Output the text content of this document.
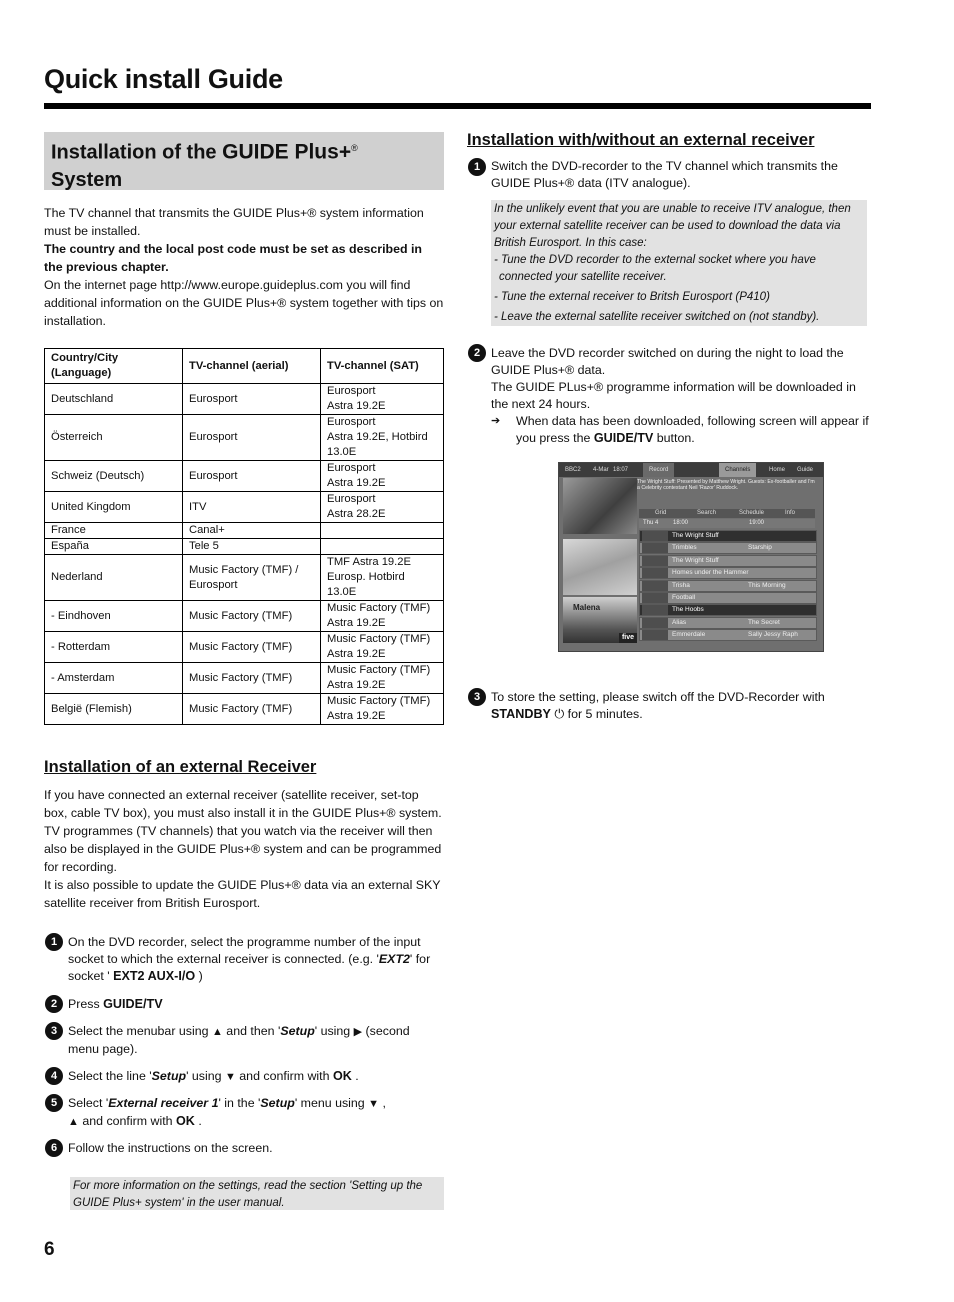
Quick install Guide
Installation of the GUIDE Plus+®
System
The TV channel that transmits the GUIDE Plus+® system information must be installed.
The country and the local post code must be set as described in the previous chapter.
On the internet page http://www.europe.guideplus.com you will find additional information on the GUIDE Plus+® system together with tips on installation.
Country/City (Language)	TV-channel (aerial)	TV-channel (SAT)
Deutschland	Eurosport	Eurosport
Astra 19.2E
Österreich	Eurosport	Eurosport
Astra 19.2E, Hotbird 13.0E
Schweiz (Deutsch)	Eurosport	Eurosport
Astra 19.2E
United Kingdom	ITV	Eurosport
Astra 28.2E
France	Canal+	
España	Tele 5	
Nederland	Music Factory (TMF) / Eurosport	TMF Astra 19.2E
Eurosp. Hotbird 13.0E
- Eindhoven	Music Factory (TMF)	Music Factory (TMF)
Astra 19.2E
- Rotterdam	Music Factory (TMF)	Music Factory (TMF)
Astra 19.2E
- Amsterdam	Music Factory (TMF)	Music Factory (TMF)
Astra 19.2E
België (Flemish)	Music Factory (TMF)	Music Factory (TMF)
Astra 19.2E
Installation of an external Receiver
If you have connected an external receiver (satellite receiver, set-top box, cable TV box), you must also install it in the GUIDE Plus+® system. TV programmes (TV channels) that you watch via the receiver will then also be displayed in the GUIDE Plus+® system and can be programmed for recording.
It is also possible to update the GUIDE Plus+® data via an external SKY satellite receiver from British Eurosport.
1 On the DVD recorder, select the programme number of the input socket to which the external receiver is connected. (e.g. 'EXT2' for socket ' EXT2 AUX-I/O )
2 Press GUIDE/TV
3 Select the menubar using ▲ and then 'Setup' using ▶ (second menu page).
4 Select the line 'Setup' using ▼ and confirm with OK .
5 Select 'External receiver 1' in the 'Setup' menu using ▼ ,
▲ and confirm with OK .
6 Follow the instructions on the screen.
For more information on the settings, read the section 'Setting up the GUIDE Plus+ system' in the user manual.
Installation with/without an external receiver
1 Switch the DVD-recorder to the TV channel which transmits the GUIDE Plus+® data (ITV analogue).
In the unlikely event that you are unable to receive ITV analogue, then your external satellite receiver can be used to download the data via British Eurosport. In this case:
- Tune the DVD recorder to the external socket where you have connected your satellite receiver.
- Tune the external receiver to Britsh Eurosport (P410)
- Leave the external satellite receiver switched on (not standby).
2 Leave the DVD recorder switched on during the night to load the GUIDE Plus+® data.
The GUIDE PLus+® programme information will be downloaded in the next 24 hours.
➔ When data has been downloaded, following screen will appear if you press the GUIDE/TV button.
BBC2 4-Mar 18:07	Record	Channels	Home Guide
The Wright Stuff: Presented by Matthew Wright. Guests: Ex-footballer and I'm a Celebrity contestant Neil 'Razor' Ruddock.
Grid	Search	Schedule	Info
Thu 4 18:00	19:00
Malena
five
The Wright Stuff
Trimbles	Starship
The Wright Stuff
Homes under the Hammer
Trisha	This Morning
Football
The Hoobs
Alias	The Secret
Emmerdale	Sally Jessy Raph
3 To store the setting, please switch off the DVD-Recorder with STANDBY ⏻ for 5 minutes.
6
